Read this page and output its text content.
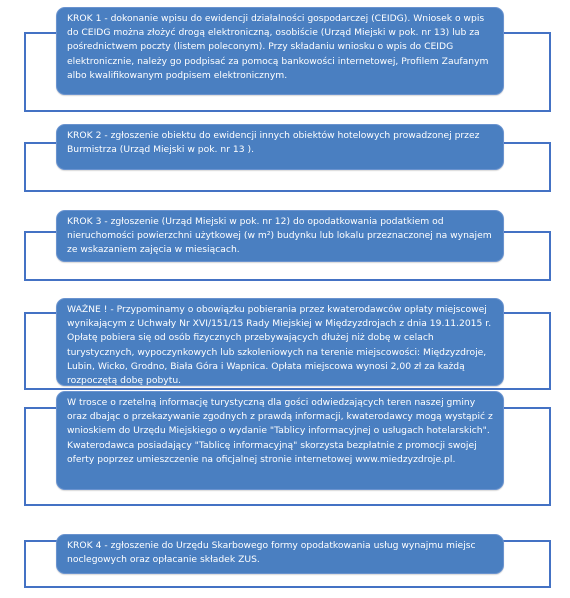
KROK 1 - dokonanie wpisu do ewidencji działalności gospodarczej (CEIDG). Wniosek o wpis do CEIDG można złożyć drogą elektroniczną, osobiście (Urząd Miejski w pok. nr 13) lub za pośrednictwem poczty (listem poleconym). Przy składaniu wniosku o wpis do CEIDG elektronicznie, należy go podpisać za pomocą bankowości internetowej, Profilem Zaufanym albo kwalifikowanym podpisem elektronicznym.

KROK 2 - zgłoszenie obiektu do ewidencji innych obiektów hotelowych prowadzonej przez Burmistrza (Urząd Miejski w pok. nr 13 ).

KROK 3 - zgłoszenie (Urząd Miejski w pok. nr 12) do opodatkowania podatkiem od nieruchomości powierzchni użytkowej (w m²) budynku lub lokalu przeznaczonej na wynajem ze wskazaniem zajęcia w miesiącach.

WAŻNE ! - Przypominamy o obowiązku pobierania przez kwaterodawców opłaty miejscowej wynikającym z Uchwały Nr XVI/151/15 Rady Miejskiej w Międzyzdrojach z dnia 19.11.2015 r. Opłatę pobiera się od osób fizycznych przebywających dłużej niż dobę w celach turystycznych, wypoczynkowych lub szkoleniowych na terenie miejscowości: Międzyzdroje, Lubin, Wicko, Grodno, Biała Góra i Wapnica. Opłata miejscowa wynosi 2,00 zł za każdą rozpoczętą dobę pobytu.

W trosce o rzetelną informację turystyczną dla gości odwiedzających teren naszej gminy oraz dbając o przekazywanie zgodnych z prawdą informacji, kwaterodawcy mogą wystąpić z wnioskiem do Urzędu Miejskiego o wydanie "Tablicy informacyjnej o usługach hotelarskich". Kwaterodawca posiadający "Tablicę informacyjną" skorzysta bezpłatnie z promocji swojej oferty poprzez umieszczenie na oficjalnej stronie internetowej www.miedzyzdroje.pl.

KROK 4 - zgłoszenie do Urzędu Skarbowego formy opodatkowania usług wynajmu miejsc noclegowych oraz opłacanie składek ZUS.
